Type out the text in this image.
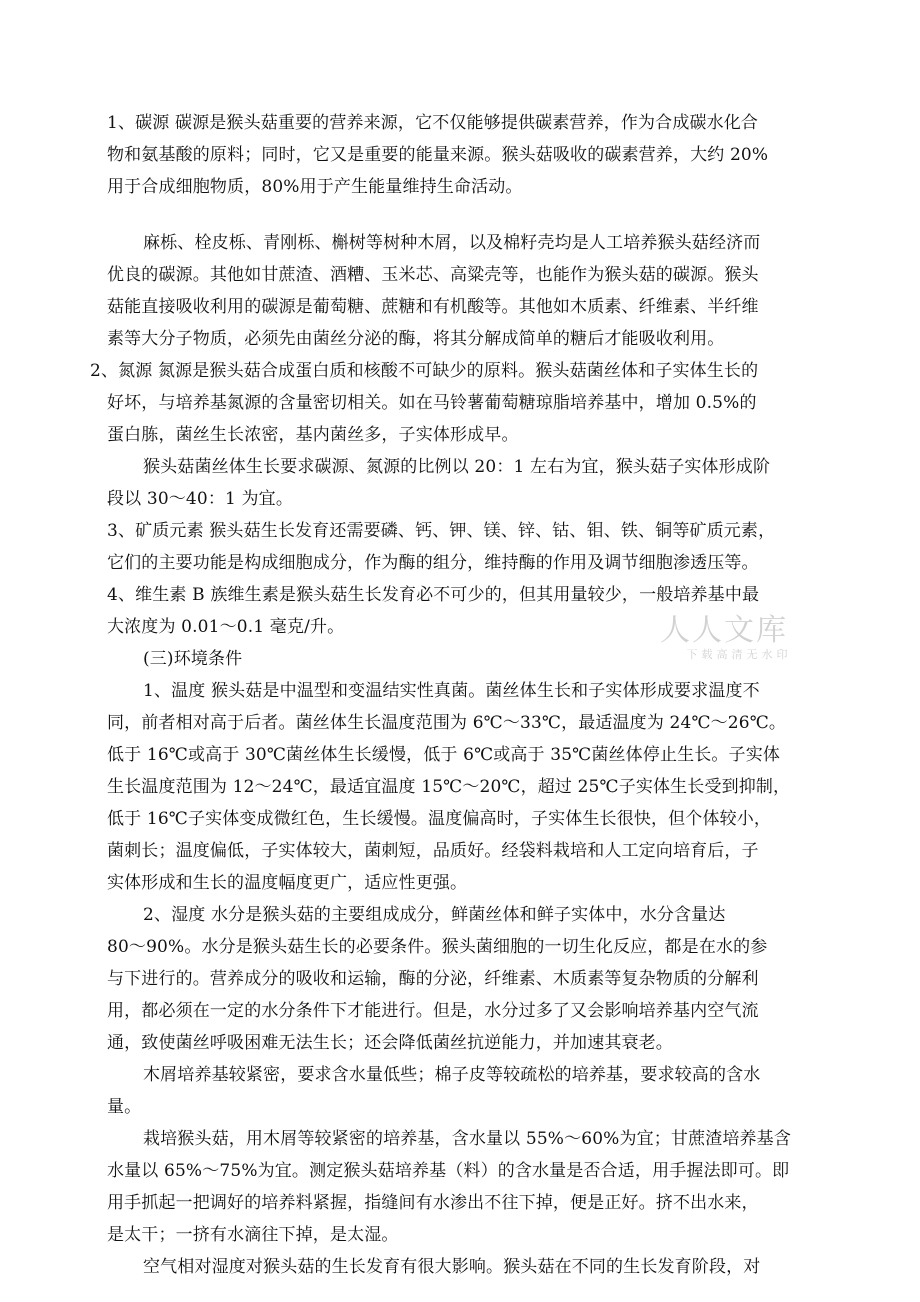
1、碳源 碳源是猴头菇重要的营养来源，它不仅能够提供碳素营养，作为合成碳水化合
物和氨基酸的原料；同时，它又是重要的能量来源。猴头菇吸收的碳素营养，大约 20%
用于合成细胞物质，80%用于产生能量维持生命活动。
麻栎、栓皮栎、青刚栎、槲树等树种木屑，以及棉籽壳均是人工培养猴头菇经济而
优良的碳源。其他如甘蔗渣、酒糟、玉米芯、高粱壳等，也能作为猴头菇的碳源。猴头
菇能直接吸收利用的碳源是葡萄糖、蔗糖和有机酸等。其他如木质素、纤维素、半纤维
素等大分子物质，必须先由菌丝分泌的酶，将其分解成简单的糖后才能吸收利用。
2、氮源 氮源是猴头菇合成蛋白质和核酸不可缺少的原料。猴头菇菌丝体和子实体生长的
好坏，与培养基氮源的含量密切相关。如在马铃薯葡萄糖琼脂培养基中，增加 0.5%的
蛋白胨，菌丝生长浓密，基内菌丝多，子实体形成早。
猴头菇菌丝体生长要求碳源、氮源的比例以 20：1 左右为宜，猴头菇子实体形成阶
段以 30～40：1 为宜。
3、矿质元素 猴头菇生长发育还需要磷、钙、钾、镁、锌、钴、钼、铁、铜等矿质元素，
它们的主要功能是构成细胞成分，作为酶的组分，维持酶的作用及调节细胞渗透压等。
4、维生素 B 族维生素是猴头菇生长发育必不可少的，但其用量较少，一般培养基中最
大浓度为 0.01～0.1 毫克/升。
(三)环境条件
1、温度 猴头菇是中温型和变温结实性真菌。菌丝体生长和子实体形成要求温度不
同，前者相对高于后者。菌丝体生长温度范围为 6℃～33℃，最适温度为 24℃～26℃。
低于 16℃或高于 30℃菌丝体生长缓慢，低于 6℃或高于 35℃菌丝体停止生长。子实体
生长温度范围为 12～24℃，最适宜温度 15℃～20℃，超过 25℃子实体生长受到抑制，
低于 16℃子实体变成微红色，生长缓慢。温度偏高时，子实体生长很快，但个体较小，
菌刺长；温度偏低，子实体较大，菌刺短，品质好。经袋料栽培和人工定向培育后，子
实体形成和生长的温度幅度更广，适应性更强。
2、湿度 水分是猴头菇的主要组成成分，鲜菌丝体和鲜子实体中，水分含量达
80～90%。水分是猴头菇生长的必要条件。猴头菌细胞的一切生化反应，都是在水的参
与下进行的。营养成分的吸收和运输，酶的分泌，纤维素、木质素等复杂物质的分解利
用，都必须在一定的水分条件下才能进行。但是，水分过多了又会影响培养基内空气流
通，致使菌丝呼吸困难无法生长；还会降低菌丝抗逆能力，并加速其衰老。
木屑培养基较紧密，要求含水量低些；棉子皮等较疏松的培养基，要求较高的含水
量。
栽培猴头菇，用木屑等较紧密的培养基，含水量以 55%～60%为宜；甘蔗渣培养基含
水量以 65%～75%为宜。测定猴头菇培养基（料）的含水量是否合适，用手握法即可。即
用手抓起一把调好的培养料紧握，指缝间有水渗出不往下掉，便是正好。挤不出水来，
是太干；一挤有水滴往下掉，是太湿。
空气相对湿度对猴头菇的生长发育有很大影响。猴头菇在不同的生长发育阶段，对
人人文库
下载高清无水印
